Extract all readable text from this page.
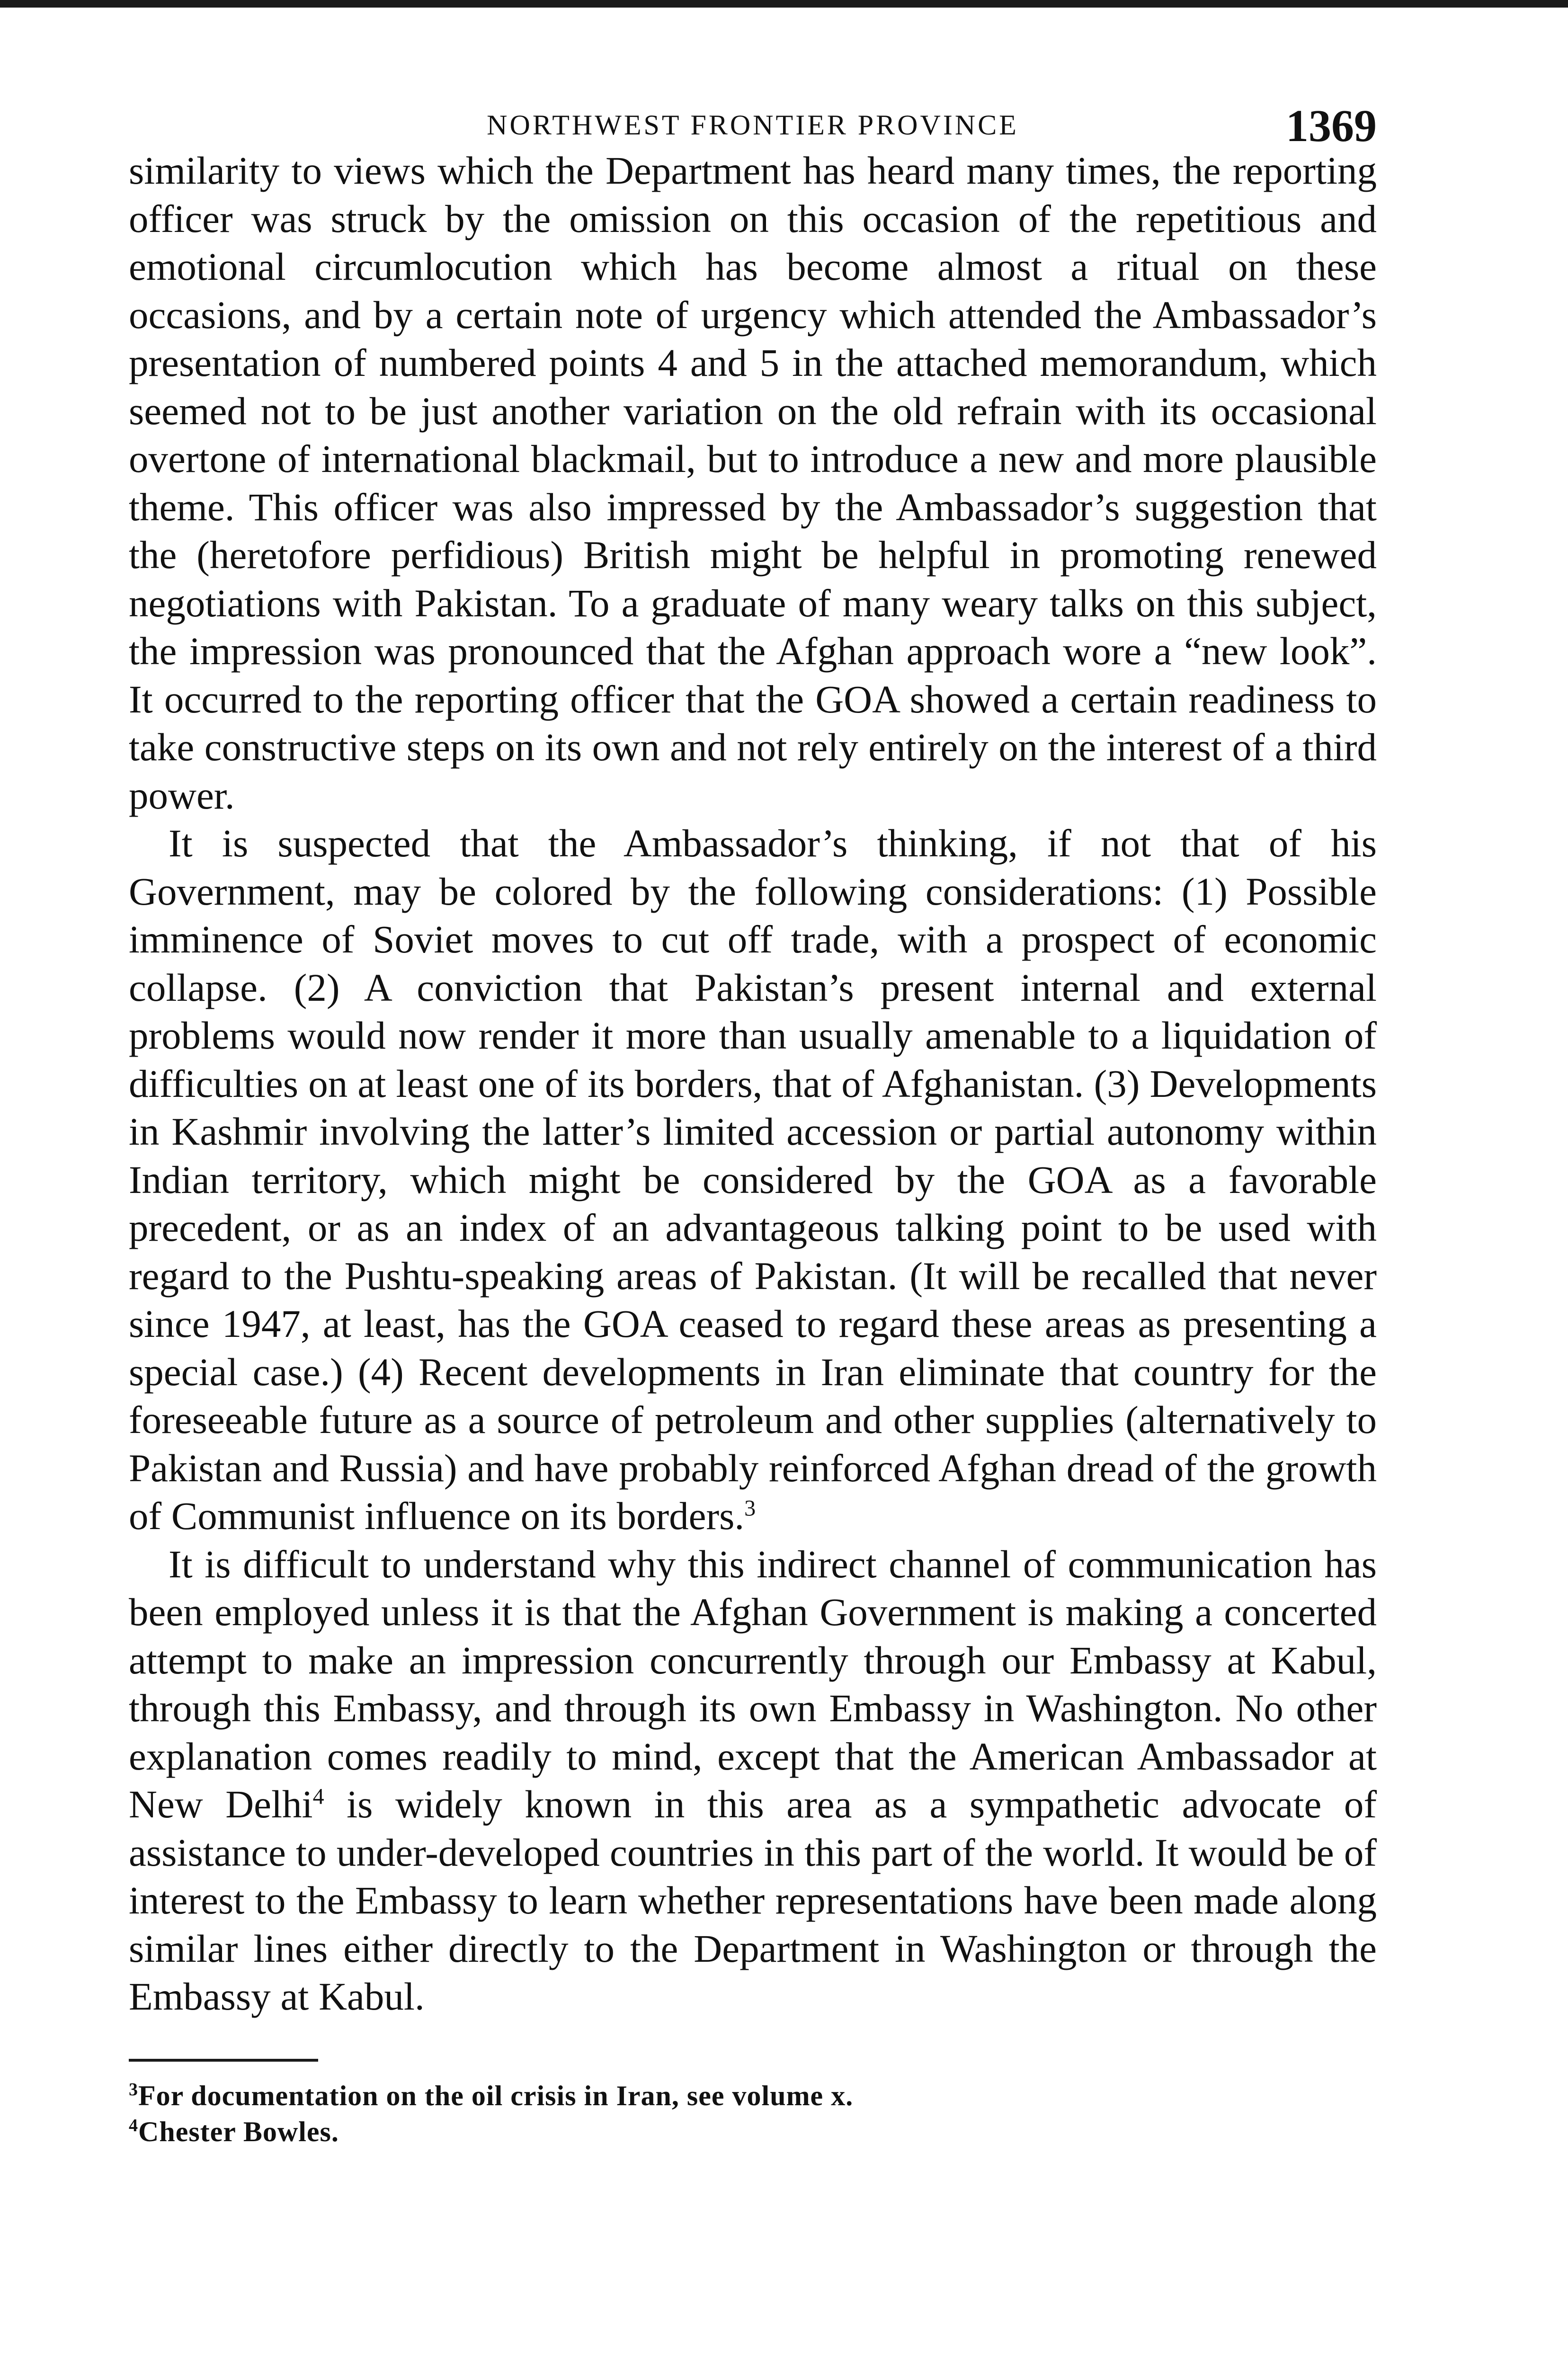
NORTHWEST FRONTIER PROVINCE	1369

similarity to views which the Department has heard many times, the reporting officer was struck by the omission on this occasion of the repetitious and emotional circumlocution which has become almost a ritual on these occasions, and by a certain note of urgency which attended the Ambassador’s presentation of numbered points 4 and 5 in the attached memorandum, which seemed not to be just another variation on the old refrain with its occasional overtone of international blackmail, but to introduce a new and more plausible theme. This officer was also impressed by the Ambassador’s suggestion that the (heretofore perfidious) British might be helpful in promoting renewed negotiations with Pakistan. To a graduate of many weary talks on this subject, the impression was pronounced that the Afghan approach wore a “new look”. It occurred to the reporting officer that the GOA showed a certain readiness to take constructive steps on its own and not rely entirely on the interest of a third power.

It is suspected that the Ambassador’s thinking, if not that of his Government, may be colored by the following considerations: (1) Possible imminence of Soviet moves to cut off trade, with a prospect of economic collapse. (2) A conviction that Pakistan’s present internal and external problems would now render it more than usually amenable to a liquidation of difficulties on at least one of its borders, that of Afghanistan. (3) Developments in Kashmir involving the latter’s limited accession or partial autonomy within Indian territory, which might be considered by the GOA as a favorable precedent, or as an index of an advantageous talking point to be used with regard to the Pushtu-speaking areas of Pakistan. (It will be recalled that never since 1947, at least, has the GOA ceased to regard these areas as presenting a special case.) (4) Recent developments in Iran eliminate that country for the foreseeable future as a source of petroleum and other supplies (alternatively to Pakistan and Russia) and have probably reinforced Afghan dread of the growth of Communist influence on its borders.$^3$

It is difficult to understand why this indirect channel of communication has been employed unless it is that the Afghan Government is making a concerted attempt to make an impression concurrently through our Embassy at Kabul, through this Embassy, and through its own Embassy in Washington. No other explanation comes readily to mind, except that the American Ambassador at New Delhi$^4$ is widely known in this area as a sympathetic advocate of assistance to under-developed countries in this part of the world. It would be of interest to the Embassy to learn whether representations have been made along similar lines either directly to the Department in Washington or through the Embassy at Kabul.

$^3$For documentation on the oil crisis in Iran, see volume x.

$^4$Chester Bowles.
